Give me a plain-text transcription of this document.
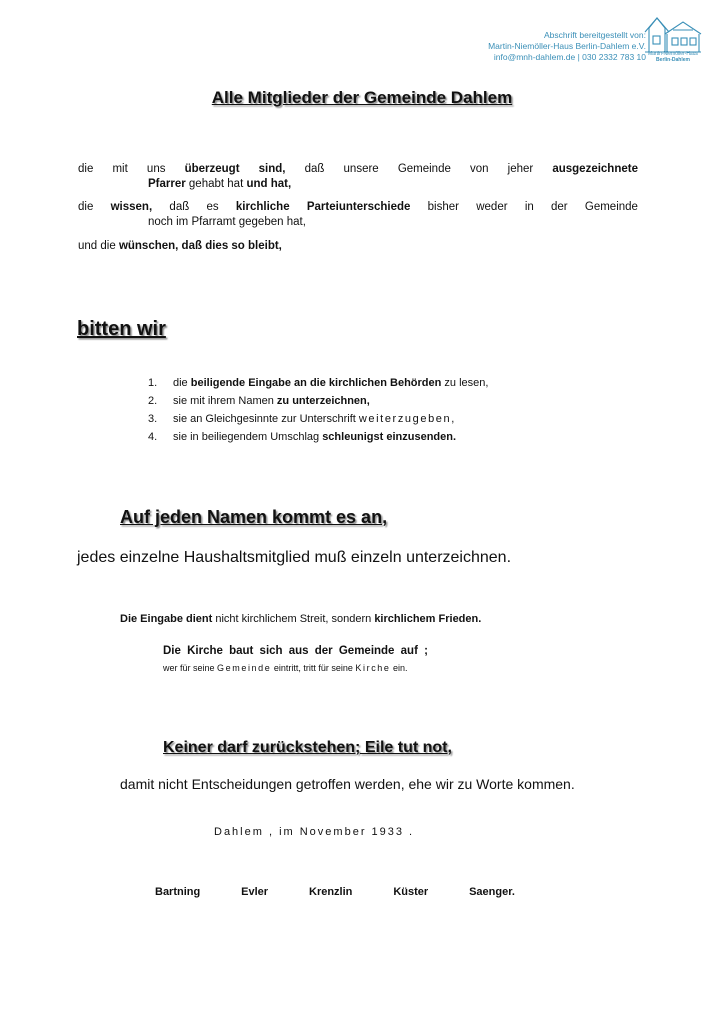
Abschrift bereitgestellt von:
Martin-Niemöller-Haus Berlin-Dahlem e.V.
info@mnh-dahlem.de | 030 2332 783 10 Martin-Niemöller-Haus
Berlin-Dahlem
Alle Mitglieder der Gemeinde Dahlem
die mit uns überzeugt sind, daß unsere Gemeinde von jeher ausgezeichnete
Pfarrer gehabt hat und hat,
die wissen, daß es kirchliche Parteiunterschiede bisher weder in der Gemeinde
noch im Pfarramt gegeben hat,
und die wünschen, daß dies so bleibt,
bitten wir
1. die beiligende Eingabe an die kirchlichen Behörden zu lesen,
2. sie mit ihrem Namen zu unterzeichnen,
3. sie an Gleichgesinnte zur Unterschrift weiterzugeben,
4. sie in beiliegendem Umschlag schleunigst einzusenden.
Auf jeden Namen kommt es an,
jedes einzelne Haushaltsmitglied muß einzeln unterzeichnen.
Die Eingabe dient nicht kirchlichem Streit, sondern kirchlichem Frieden.
Die Kirche baut sich aus der Gemeinde auf ;
wer für seine Gemeinde eintritt, tritt für seine Kirche ein.
Keiner darf zurückstehen; Eile tut not,
damit nicht Entscheidungen getroffen werden, ehe wir zu Worte kommen.
Dahlem , im November 1933 .
Bartning	Evler	Krenzlin	Küster	Saenger.
